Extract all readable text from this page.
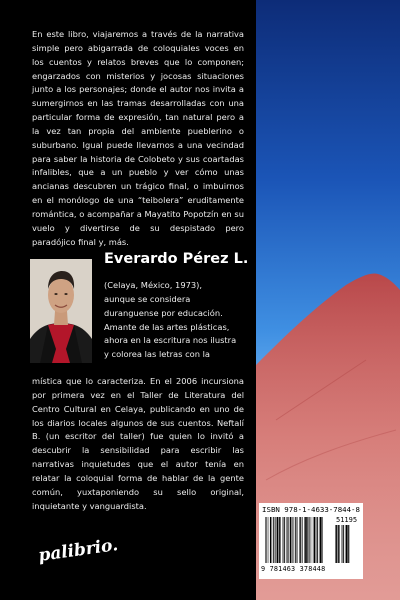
En este libro, viajaremos a través de la narrativa simple pero abigarrada de coloquiales voces en los cuentos y relatos breves que lo componen; engarzados con misterios y jocosas situaciones junto a los personajes; donde el autor nos invita a sumergirnos en las tramas desarrolladas con una particular forma de expresión, tan natural pero a la vez tan propia del ambiente pueblerino o suburbano. Igual puede llevarnos a una vecindad para saber la historia de Colobeto y sus coartadas infalibles, que a un pueblo y ver cómo unas ancianas descubren un trágico final, o imbuirnos en el monólogo de una “teibolera” eruditamente romántica, o acompañar a Mayatito Popotzín en su vuelo y divertirse de su despistado pero paradójico final y, más.

Everardo Pérez L.

(Celaya, México, 1973),
aunque se considera
duranguense por educación.
Amante de las artes plásticas,
ahora en la escritura nos ilustra
y colorea las letras con la

mística que lo caracteriza. En el 2006 incursiona por primera vez en el Taller de Literatura del Centro Cultural en Celaya, publicando en uno de los diarios locales algunos de sus cuentos. Neftalí B. (un escritor del taller) fue quien lo invitó a descubrir la sensibilidad para escribir las narrativas inquietudes que el autor tenía en relatar la coloquial forma de hablar de la gente común, yuxtaponiendo su sello original, inquietante y vanguardista.

palibrio.
ISBN 978-1-4633-7844-8
51195
9 781463 378448
